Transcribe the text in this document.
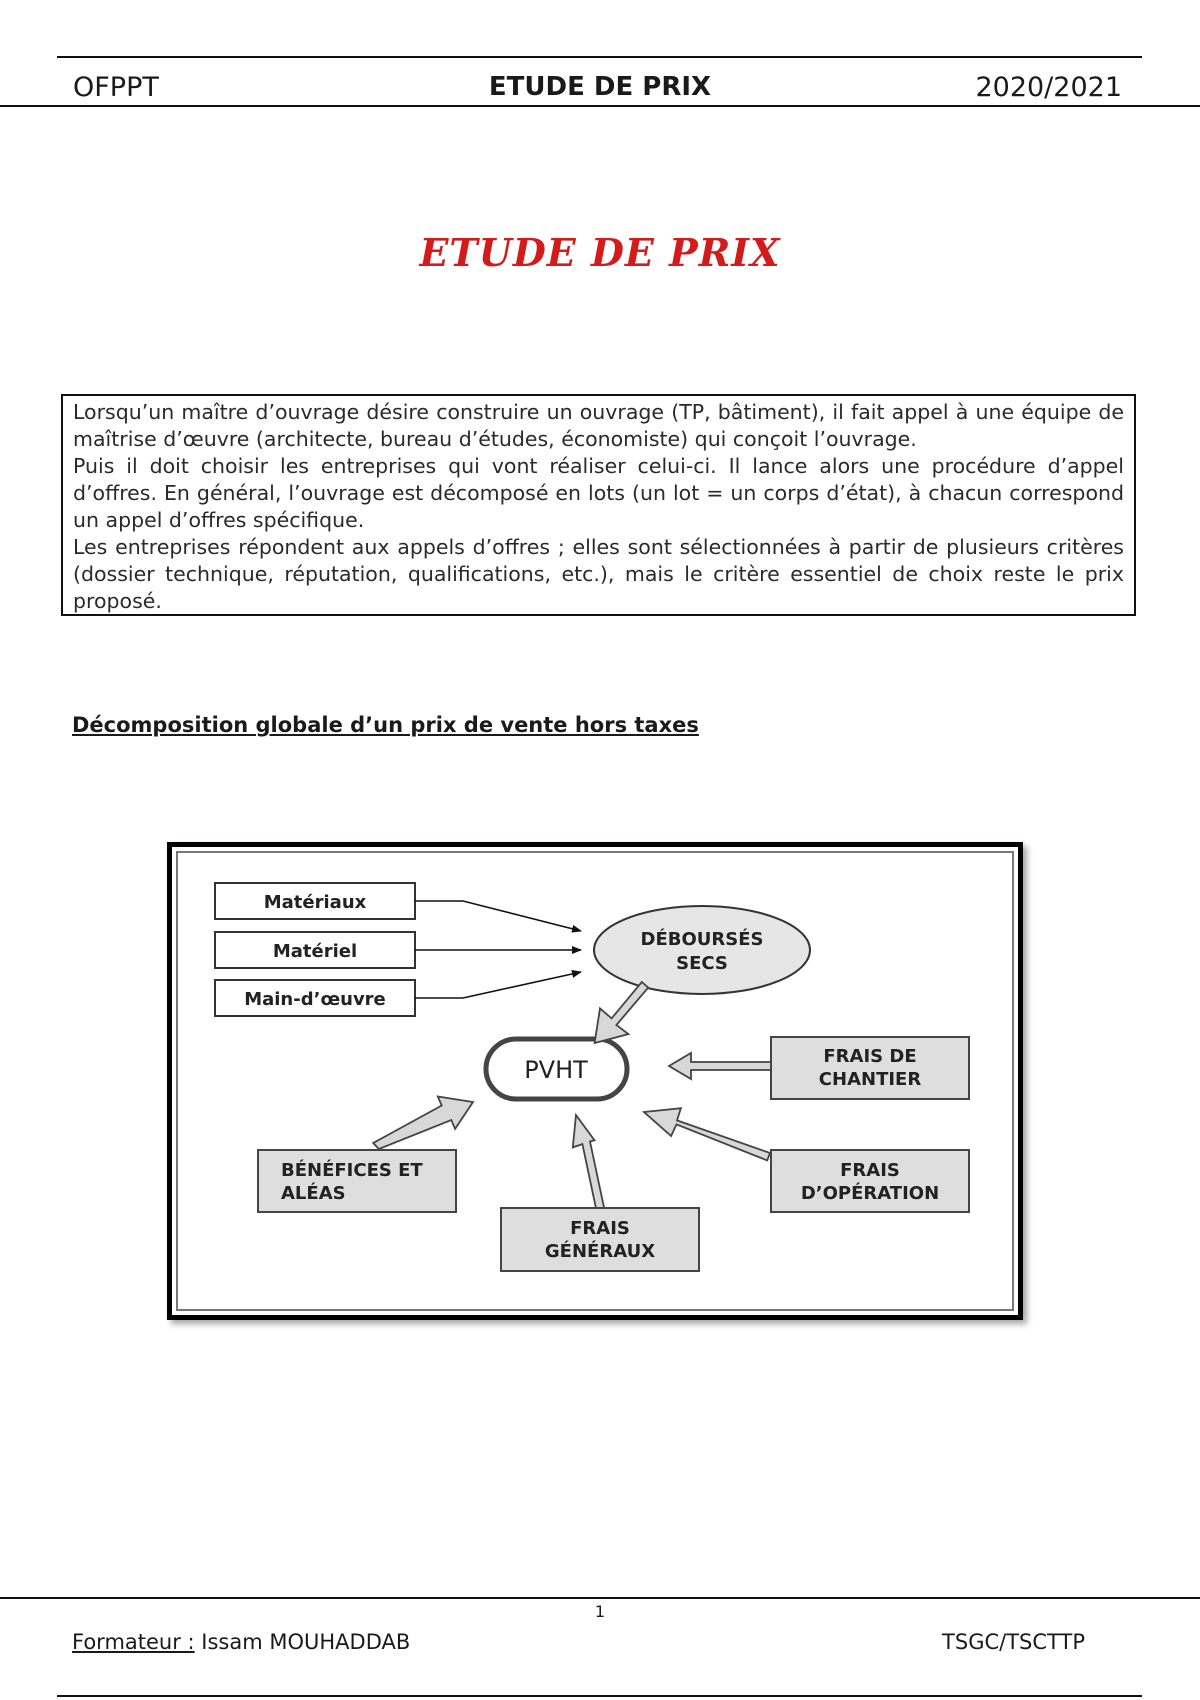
OFPPT	ETUDE DE PRIX	2020/2021
ETUDE DE PRIX

Lorsqu’un maître d’ouvrage désire construire un ouvrage (TP, bâtiment), il fait appel à une équipe de maîtrise d’œuvre (architecte, bureau d’études, économiste) qui conçoit l’ouvrage.

Puis il doit choisir les entreprises qui vont réaliser celui-ci. Il lance alors une procédure d’appel d’offres. En général, l’ouvrage est décomposé en lots (un lot = un corps d’état), à chacun correspond un appel d’offres spécifique.

Les entreprises répondent aux appels d’offres ; elles sont sélectionnées à partir de plusieurs critères (dossier technique, réputation, qualifications, etc.), mais le critère essentiel de choix reste le prix proposé.

Décomposition globale d’un prix de vente hors taxes
Matériaux
Matériel
Main-d’œuvre
DÉBOURSÉS
SECS
PVHT	FRAIS DE
CHANTIER
FRAIS
D’OPÉRATION
BÉNÉFICES ET
ALÉAS
FRAIS
GÉNÉRAUX
1
Formateur : Issam MOUHADDAB	TSGC/TSCTTP
